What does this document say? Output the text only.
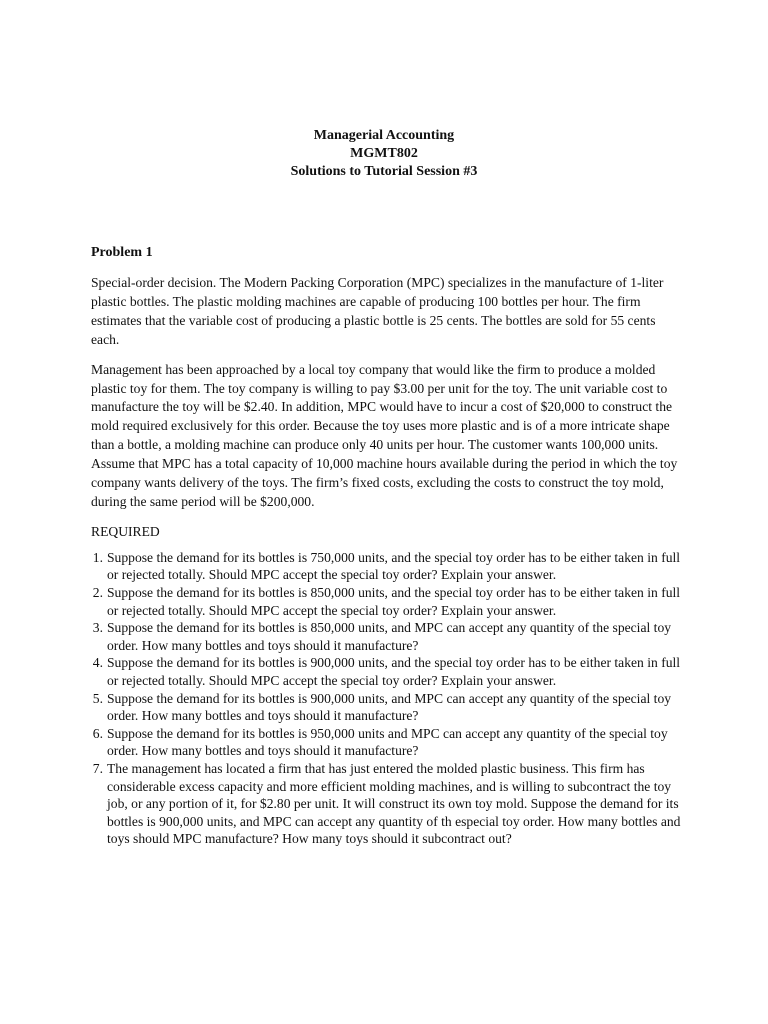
Managerial Accounting
MGMT802
Solutions to Tutorial Session #3
Problem 1

Special-order decision. The Modern Packing Corporation (MPC) specializes in the manufacture of 1-liter plastic bottles. The plastic molding machines are capable of producing 100 bottles per hour. The firm estimates that the variable cost of producing a plastic bottle is 25 cents. The bottles are sold for 55 cents each.

Management has been approached by a local toy company that would like the firm to produce a molded plastic toy for them. The toy company is willing to pay $3.00 per unit for the toy. The unit variable cost to manufacture the toy will be $2.40. In addition, MPC would have to incur a cost of $20,000 to construct the mold required exclusively for this order. Because the toy uses more plastic and is of a more intricate shape than a bottle, a molding machine can produce only 40 units per hour. The customer wants 100,000 units. Assume that MPC has a total capacity of 10,000 machine hours available during the period in which the toy company wants delivery of the toys. The firm’s fixed costs, excluding the costs to construct the toy mold, during the same period will be $200,000.

REQUIRED

1. Suppose the demand for its bottles is 750,000 units, and the special toy order has to be either taken in full or rejected totally. Should MPC accept the special toy order? Explain your answer.
2. Suppose the demand for its bottles is 850,000 units, and the special toy order has to be either taken in full or rejected totally. Should MPC accept the special toy order? Explain your answer.
3. Suppose the demand for its bottles is 850,000 units, and MPC can accept any quantity of the special toy order. How many bottles and toys should it manufacture?
4. Suppose the demand for its bottles is 900,000 units, and the special toy order has to be either taken in full or rejected totally. Should MPC accept the special toy order? Explain your answer.
5. Suppose the demand for its bottles is 900,000 units, and MPC can accept any quantity of the special toy order. How many bottles and toys should it manufacture?
6. Suppose the demand for its bottles is 950,000 units and MPC can accept any quantity of the special toy order. How many bottles and toys should it manufacture?
7. The management has located a firm that has just entered the molded plastic business. This firm has considerable excess capacity and more efficient molding machines, and is willing to subcontract the toy job, or any portion of it, for $2.80 per unit. It will construct its own toy mold. Suppose the demand for its bottles is 900,000 units, and MPC can accept any quantity of th especial toy order. How many bottles and toys should MPC manufacture? How many toys should it subcontract out?
